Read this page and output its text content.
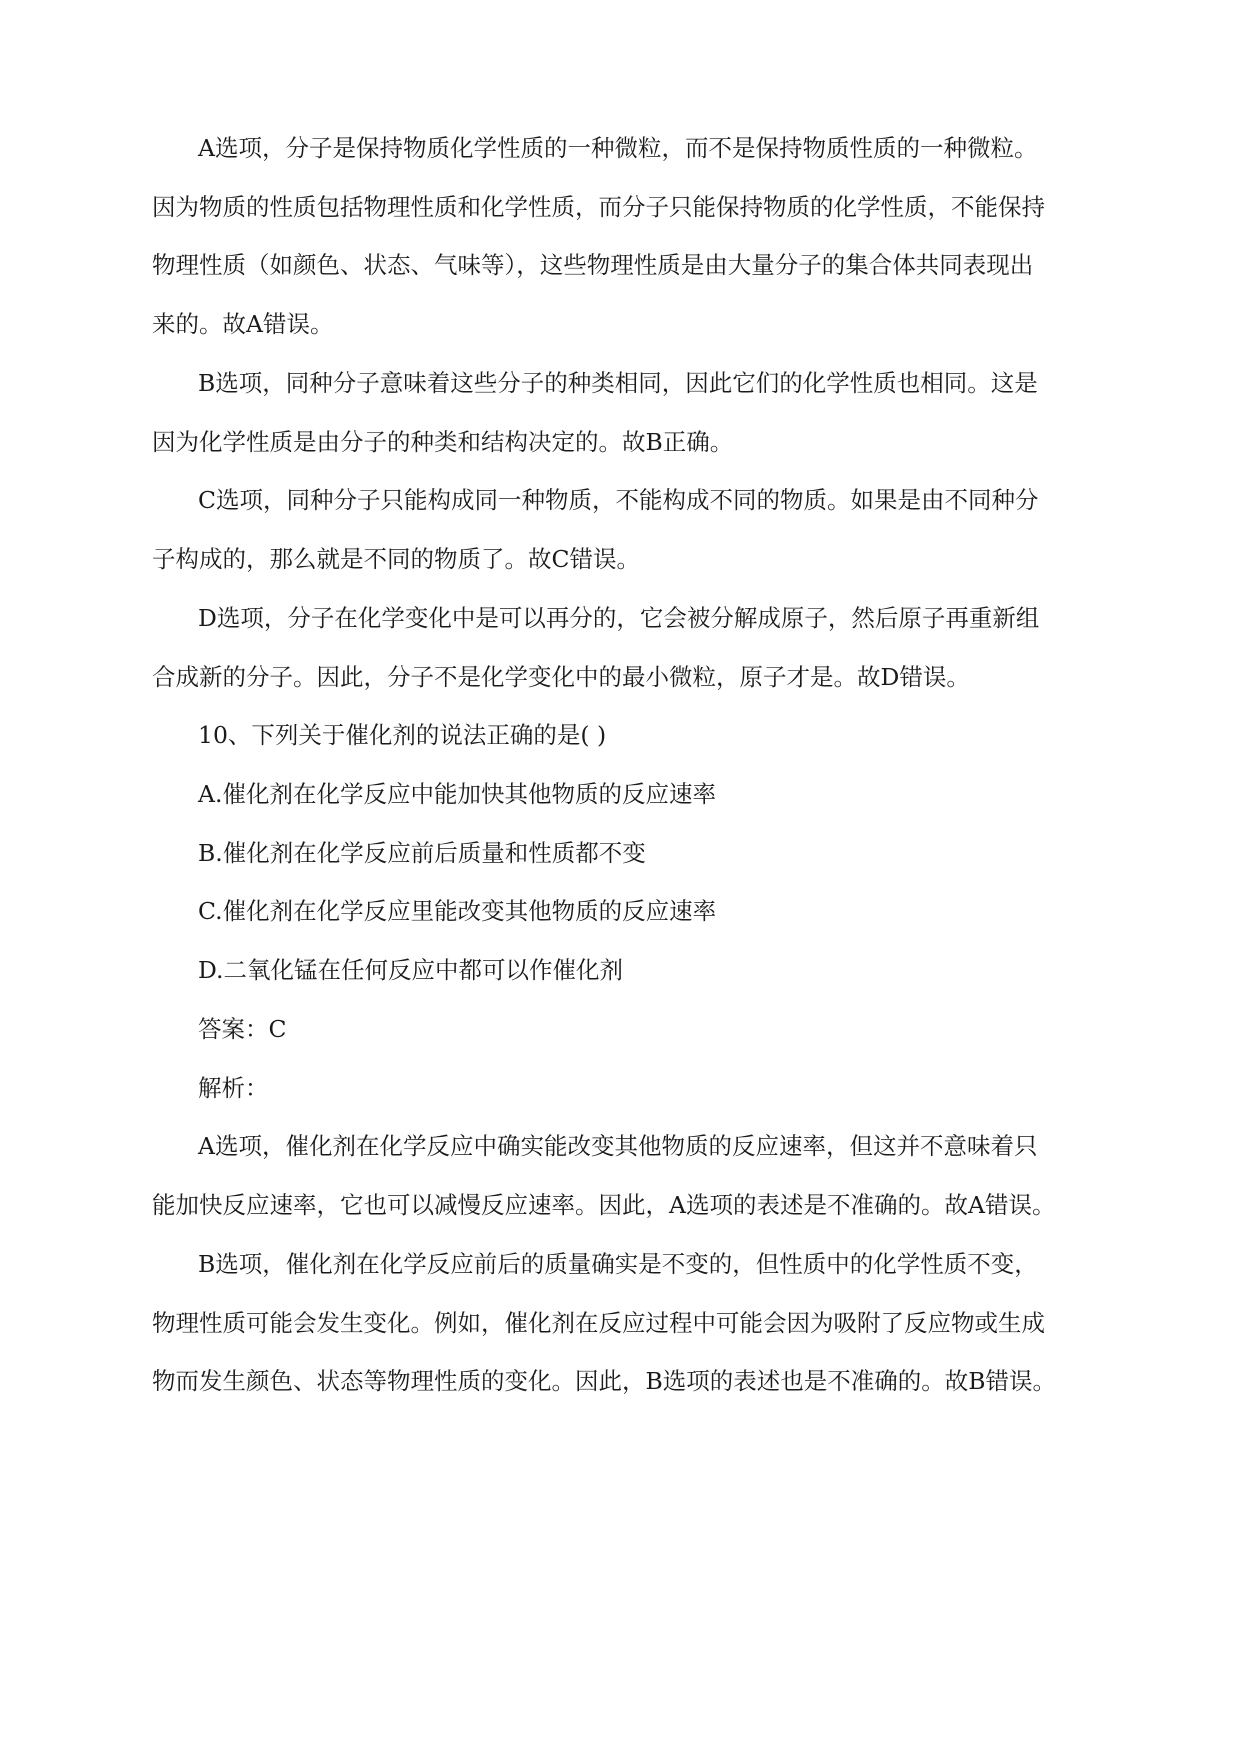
A选项，分子是保持物质化学性质的一种微粒，而不是保持物质性质的一种微粒。
因为物质的性质包括物理性质和化学性质，而分子只能保持物质的化学性质，不能保持
物理性质（如颜色、状态、气味等），这些物理性质是由大量分子的集合体共同表现出
来的。故A错误。
B选项，同种分子意味着这些分子的种类相同，因此它们的化学性质也相同。这是
因为化学性质是由分子的种类和结构决定的。故B正确。
C选项，同种分子只能构成同一种物质，不能构成不同的物质。如果是由不同种分
子构成的，那么就是不同的物质了。故C错误。
D选项，分子在化学变化中是可以再分的，它会被分解成原子，然后原子再重新组
合成新的分子。因此，分子不是化学变化中的最小微粒，原子才是。故D错误。
10、下列关于催化剂的说法正确的是( )
A.催化剂在化学反应中能加快其他物质的反应速率
B.催化剂在化学反应前后质量和性质都不变
C.催化剂在化学反应里能改变其他物质的反应速率
D.二氧化锰在任何反应中都可以作催化剂
答案：C
解析：
A选项，催化剂在化学反应中确实能改变其他物质的反应速率，但这并不意味着只
能加快反应速率，它也可以减慢反应速率。因此，A选项的表述是不准确的。故A错误。
B选项，催化剂在化学反应前后的质量确实是不变的，但性质中的化学性质不变，
物理性质可能会发生变化。例如，催化剂在反应过程中可能会因为吸附了反应物或生成
物而发生颜色、状态等物理性质的变化。因此，B选项的表述也是不准确的。故B错误。
